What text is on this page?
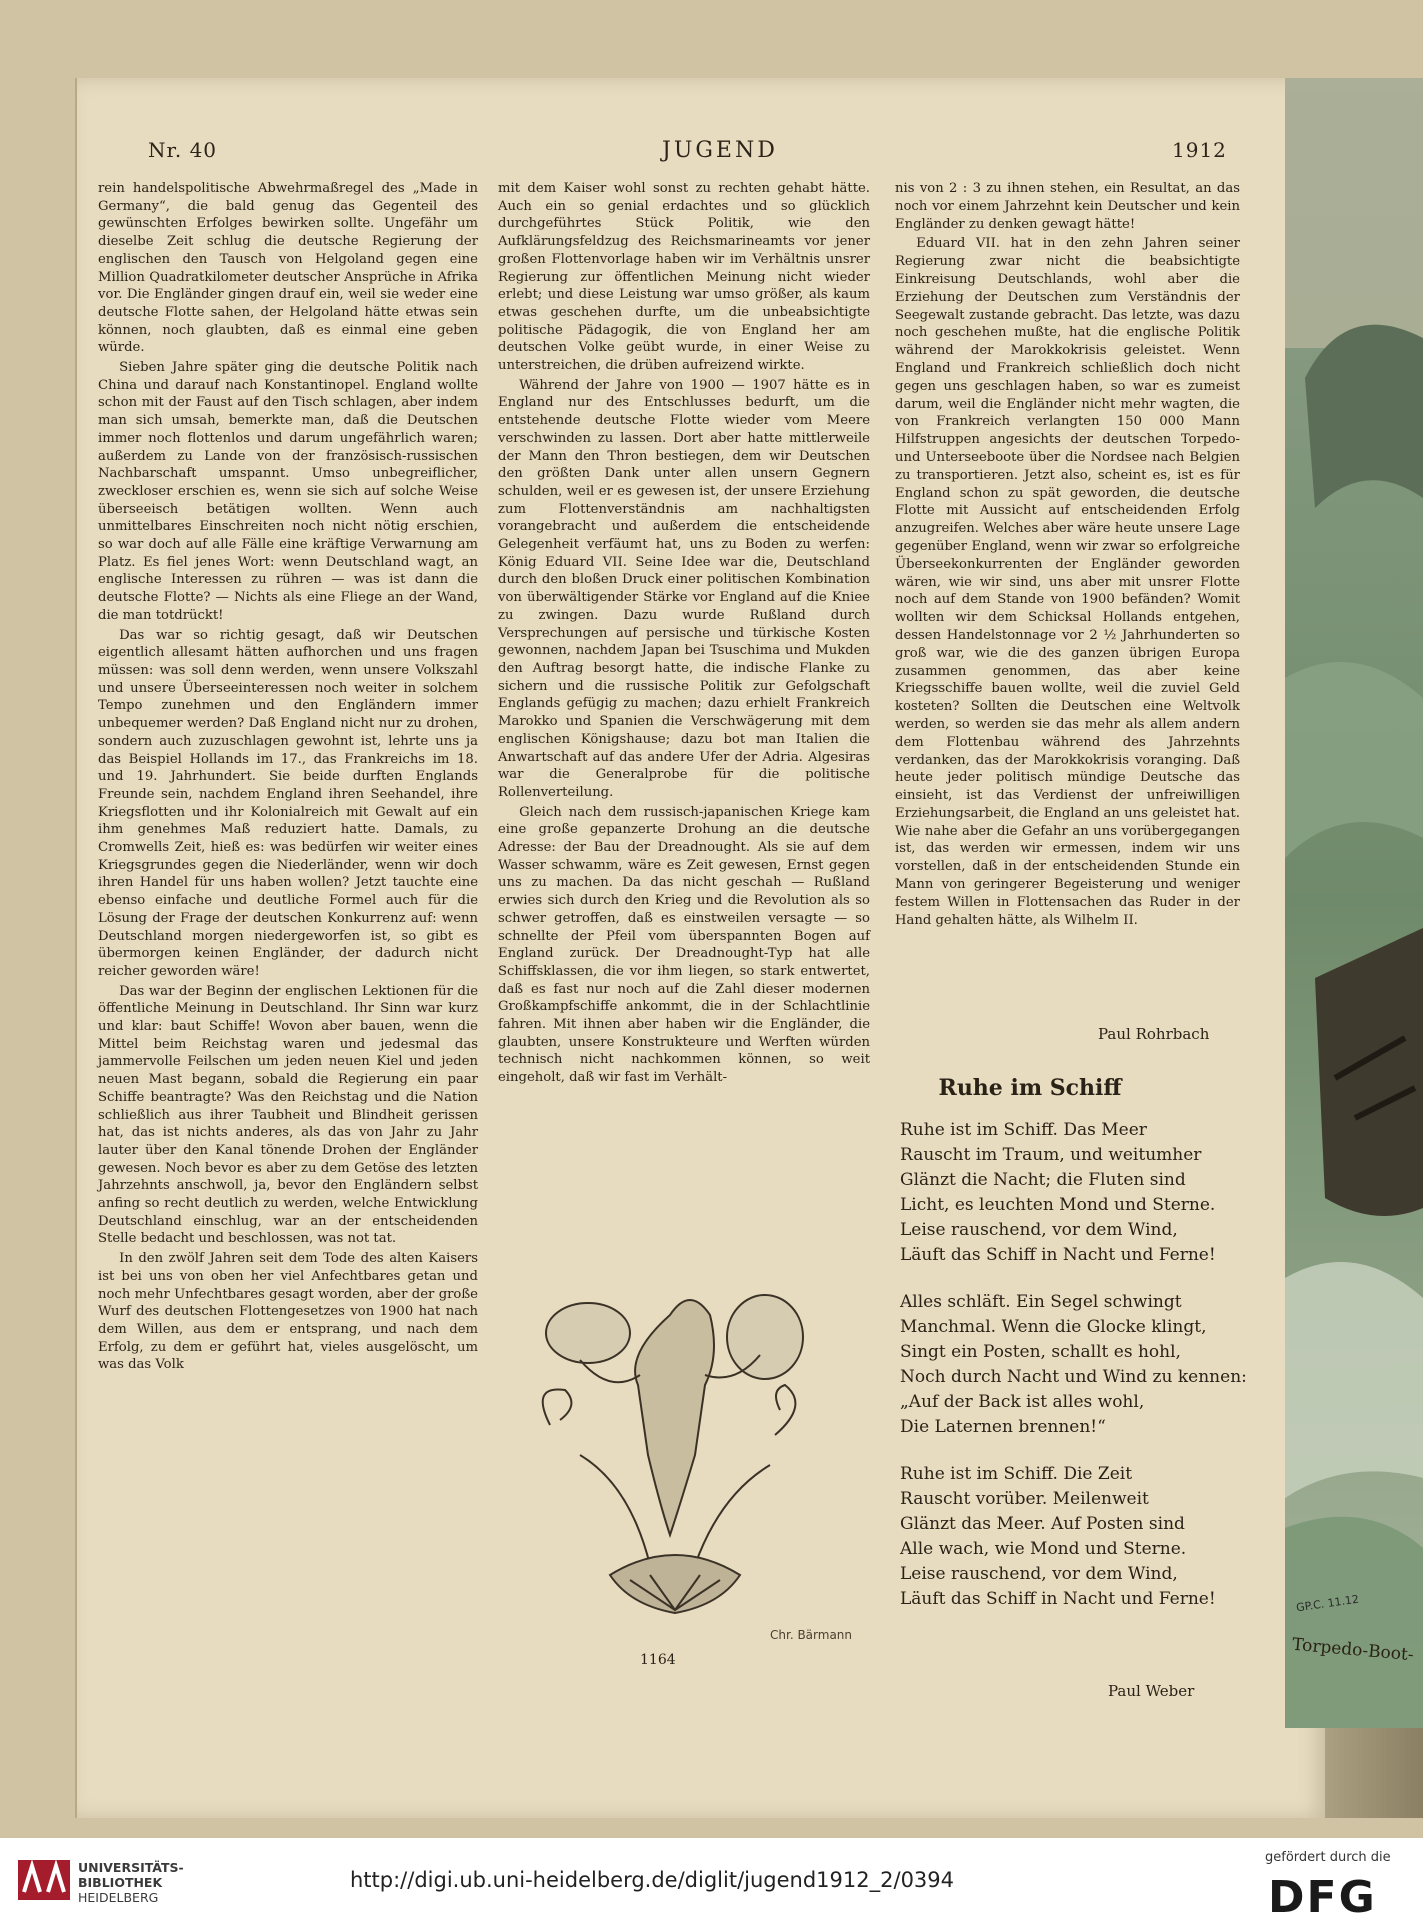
Nr. 40	JUGEND	1912

rein handelspolitische Abwehrmaßregel des „Made in Germany“, die bald genug das Gegenteil des gewünschten Erfolges bewirken sollte. Ungefähr um dieselbe Zeit schlug die deutsche Regierung der englischen den Tausch von Helgoland gegen eine Million Quadratkilometer deutscher Ansprüche in Afrika vor. Die Engländer gingen drauf ein, weil sie weder eine deutsche Flotte sahen, der Helgoland hätte etwas sein können, noch glaubten, daß es einmal eine geben würde.

Sieben Jahre später ging die deutsche Politik nach China und darauf nach Konstantinopel. England wollte schon mit der Faust auf den Tisch schlagen, aber indem man sich umsah, bemerkte man, daß die Deutschen immer noch flottenlos und darum ungefährlich waren; außerdem zu Lande von der französisch-russischen Nachbarschaft umspannt. Umso unbegreiflicher, zweckloser erschien es, wenn sie sich auf solche Weise überseeisch betätigen wollten. Wenn auch unmittelbares Einschreiten noch nicht nötig erschien, so war doch auf alle Fälle eine kräftige Verwarnung am Platz. Es fiel jenes Wort: wenn Deutschland wagt, an englische Interessen zu rühren — was ist dann die deutsche Flotte? — Nichts als eine Fliege an der Wand, die man totdrückt!

Das war so richtig gesagt, daß wir Deutschen eigentlich allesamt hätten aufhorchen und uns fragen müssen: was soll denn werden, wenn unsere Volkszahl und unsere Überseeinteressen noch weiter in solchem Tempo zunehmen und den Engländern immer unbequemer werden? Daß England nicht nur zu drohen, sondern auch zuzuschlagen gewohnt ist, lehrte uns ja das Beispiel Hollands im 17., das Frankreichs im 18. und 19. Jahrhundert. Sie beide durften Englands Freunde sein, nachdem England ihren Seehandel, ihre Kriegsflotten und ihr Kolonialreich mit Gewalt auf ein ihm genehmes Maß reduziert hatte. Damals, zu Cromwells Zeit, hieß es: was bedürfen wir weiter eines Kriegsgrundes gegen die Niederländer, wenn wir doch ihren Handel für uns haben wollen? Jetzt tauchte eine ebenso einfache und deutliche Formel auch für die Lösung der Frage der deutschen Konkurrenz auf: wenn Deutschland morgen niedergeworfen ist, so gibt es übermorgen keinen Engländer, der dadurch nicht reicher geworden wäre!

Das war der Beginn der englischen Lektionen für die öffentliche Meinung in Deutschland. Ihr Sinn war kurz und klar: baut Schiffe! Wovon aber bauen, wenn die Mittel beim Reichstag waren und jedesmal das jammervolle Feilschen um jeden neuen Kiel und jeden neuen Mast begann, sobald die Regierung ein paar Schiffe beantragte? Was den Reichstag und die Nation schließlich aus ihrer Taubheit und Blindheit gerissen hat, das ist nichts anderes, als das von Jahr zu Jahr lauter über den Kanal tönende Drohen der Engländer gewesen. Noch bevor es aber zu dem Getöse des letzten Jahrzehnts anschwoll, ja, bevor den Engländern selbst anfing so recht deutlich zu werden, welche Entwicklung Deutschland einschlug, war an der entscheidenden Stelle bedacht und beschlossen, was not tat.

In den zwölf Jahren seit dem Tode des alten Kaisers ist bei uns von oben her viel Anfechtbares getan und noch mehr Unfechtbares gesagt worden, aber der große Wurf des deutschen Flottengesetzes von 1900 hat nach dem Willen, aus dem er entsprang, und nach dem Erfolg, zu dem er geführt hat, vieles ausgelöscht, um was das Volk

mit dem Kaiser wohl sonst zu rechten gehabt hätte. Auch ein so genial erdachtes und so glücklich durchgeführtes Stück Politik, wie den Aufklärungsfeldzug des Reichsmarineamts vor jener großen Flottenvorlage haben wir im Verhältnis unsrer Regierung zur öffentlichen Meinung nicht wieder erlebt; und diese Leistung war umso größer, als kaum etwas geschehen durfte, um die unbeabsichtigte politische Pädagogik, die von England her am deutschen Volke geübt wurde, in einer Weise zu unterstreichen, die drüben aufreizend wirkte.

Während der Jahre von 1900 — 1907 hätte es in England nur des Entschlusses bedurft, um die entstehende deutsche Flotte wieder vom Meere verschwinden zu lassen. Dort aber hatte mittlerweile der Mann den Thron bestiegen, dem wir Deutschen den größten Dank unter allen unsern Gegnern schulden, weil er es gewesen ist, der unsere Erziehung zum Flottenverständnis am nachhaltigsten vorangebracht und außerdem die entscheidende Gelegenheit verfäumt hat, uns zu Boden zu werfen: König Eduard VII. Seine Idee war die, Deutschland durch den bloßen Druck einer politischen Kombination von überwältigender Stärke vor England auf die Kniee zu zwingen. Dazu wurde Rußland durch Versprechungen auf persische und türkische Kosten gewonnen, nachdem Japan bei Tsuschima und Mukden den Auftrag besorgt hatte, die indische Flanke zu sichern und die russische Politik zur Gefolgschaft Englands gefügig zu machen; dazu erhielt Frankreich Marokko und Spanien die Verschwägerung mit dem englischen Königshause; dazu bot man Italien die Anwartschaft auf das andere Ufer der Adria. Algesiras war die Generalprobe für die politische Rollenverteilung.

Gleich nach dem russisch-japanischen Kriege kam eine große gepanzerte Drohung an die deutsche Adresse: der Bau der Dreadnought. Als sie auf dem Wasser schwamm, wäre es Zeit gewesen, Ernst gegen uns zu machen. Da das nicht geschah — Rußland erwies sich durch den Krieg und die Revolution als so schwer getroffen, daß es einstweilen versagte — so schnellte der Pfeil vom überspannten Bogen auf England zurück. Der Dreadnought-Typ hat alle Schiffsklassen, die vor ihm liegen, so stark entwertet, daß es fast nur noch auf die Zahl dieser modernen Großkampfschiffe ankommt, die in der Schlachtlinie fahren. Mit ihnen aber haben wir die Engländer, die glaubten, unsere Konstrukteure und Werften würden technisch nicht nachkommen können, so weit eingeholt, daß wir fast im Verhält-

nis von 2 : 3 zu ihnen stehen, ein Resultat, an das noch vor einem Jahrzehnt kein Deutscher und kein Engländer zu denken gewagt hätte!

Eduard VII. hat in den zehn Jahren seiner Regierung zwar nicht die beabsichtigte Einkreisung Deutschlands, wohl aber die Erziehung der Deutschen zum Verständnis der Seegewalt zustande gebracht. Das letzte, was dazu noch geschehen mußte, hat die englische Politik während der Marokkokrisis geleistet. Wenn England und Frankreich schließlich doch nicht gegen uns geschlagen haben, so war es zumeist darum, weil die Engländer nicht mehr wagten, die von Frankreich verlangten 150 000 Mann Hilfstruppen angesichts der deutschen Torpedo- und Unterseeboote über die Nordsee nach Belgien zu transportieren. Jetzt also, scheint es, ist es für England schon zu spät geworden, die deutsche Flotte mit Aussicht auf entscheidenden Erfolg anzugreifen. Welches aber wäre heute unsere Lage gegenüber England, wenn wir zwar so erfolgreiche Überseekonkurrenten der Engländer geworden wären, wie wir sind, uns aber mit unsrer Flotte noch auf dem Stande von 1900 befänden? Womit wollten wir dem Schicksal Hollands entgehen, dessen Handelstonnage vor 2 ½ Jahrhunderten so groß war, wie die des ganzen übrigen Europa zusammen genommen, das aber keine Kriegsschiffe bauen wollte, weil die zuviel Geld kosteten? Sollten die Deutschen eine Weltvolk werden, so werden sie das mehr als allem andern dem Flottenbau während des Jahrzehnts verdanken, das der Marokkokrisis voranging. Daß heute jeder politisch mündige Deutsche das einsieht, ist das Verdienst der unfreiwilligen Erziehungsarbeit, die England an uns geleistet hat. Wie nahe aber die Gefahr an uns vorübergegangen ist, das werden wir ermessen, indem wir uns vorstellen, daß in der entscheidenden Stunde ein Mann von geringerer Begeisterung und weniger festem Willen in Flottensachen das Ruder in der Hand gehalten hätte, als Wilhelm II.

Paul Rohrbach
Ruhe im Schiff
Ruhe ist im Schiff. Das Meer
Rauscht im Traum, und weitumher
Glänzt die Nacht; die Fluten sind
Licht, es leuchten Mond und Sterne.
Leise rauschend, vor dem Wind,
Läuft das Schiff in Nacht und Ferne!
Alles schläft. Ein Segel schwingt
Manchmal. Wenn die Glocke klingt,
Singt ein Posten, schallt es hohl,
Noch durch Nacht und Wind zu kennen:
„Auf der Back ist alles wohl,
Die Laternen brennen!“
Ruhe ist im Schiff. Die Zeit
Rauscht vorüber. Meilenweit
Glänzt das Meer. Auf Posten sind
Alle wach, wie Mond und Sterne.
Leise rauschend, vor dem Wind,
Läuft das Schiff in Nacht und Ferne!
Paul Weber
Chr. Bärmann
1164
GP.C. 11.12
Torpedo-Boot-
UNIVERSITÄTS-
BIBLIOTHEK
HEIDELBERG
http://digi.ub.uni-heidelberg.de/diglit/jugend1912_2/0394
gefördert durch die
DFG
